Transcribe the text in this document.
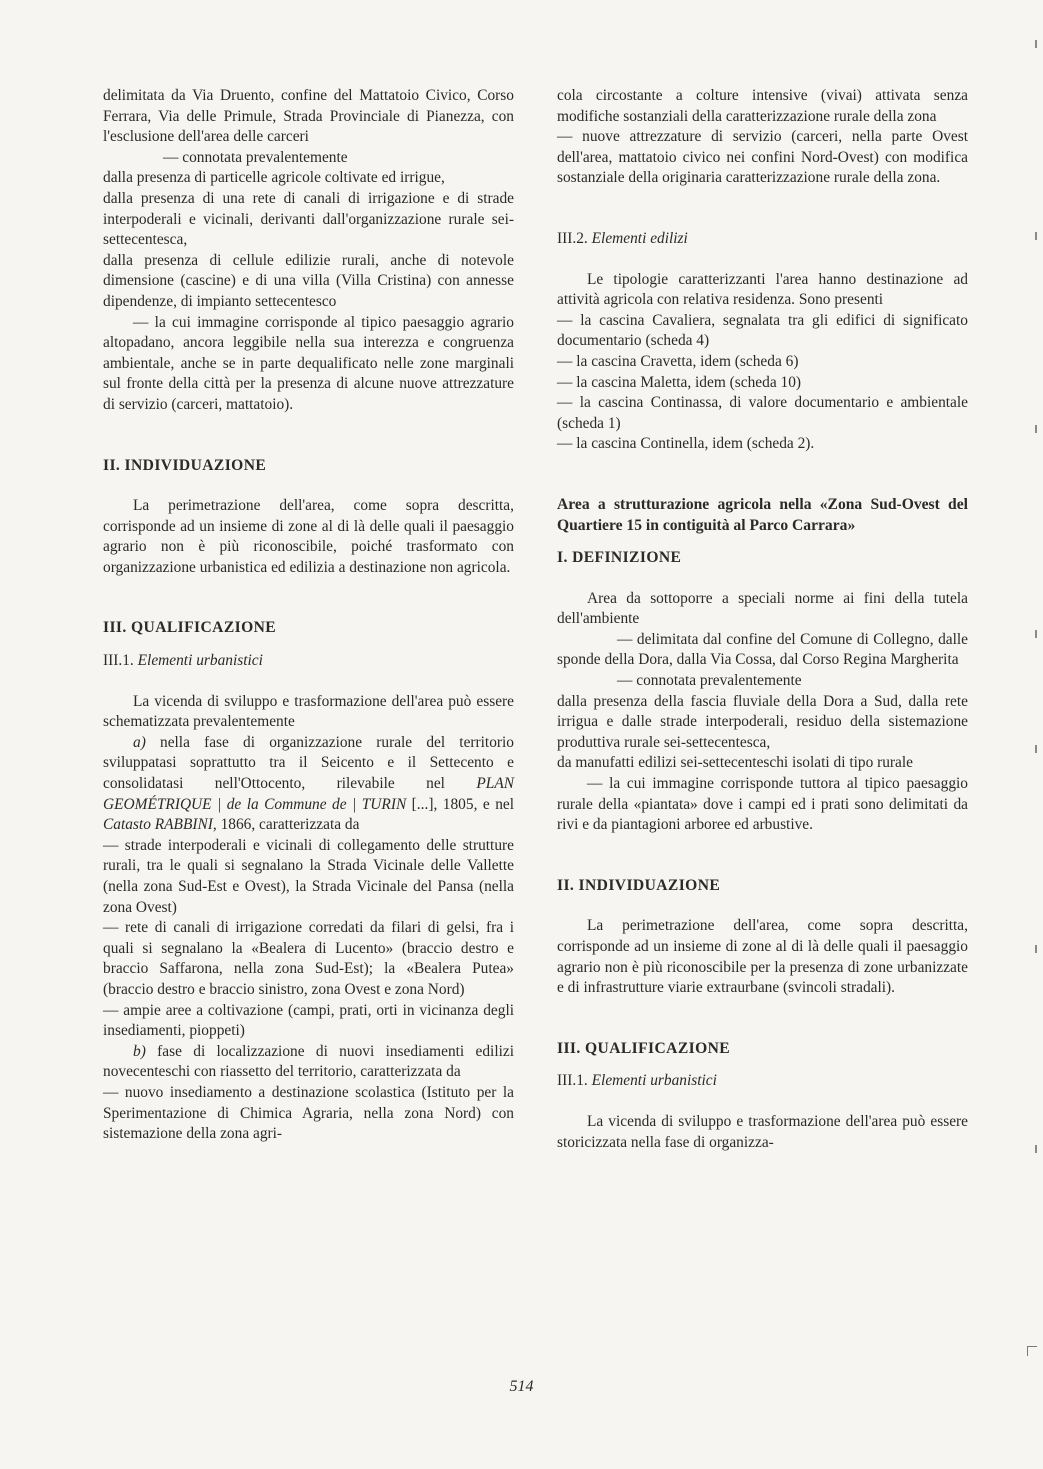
delimitata da Via Druento, confine del Mattatoio Civico, Corso Ferrara, Via delle Primule, Strada Provinciale di Pianezza, con l'esclusione dell'area delle carceri

— connotata prevalentemente

dalla presenza di particelle agricole coltivate ed irrigue,

dalla presenza di una rete di canali di irrigazione e di strade interpoderali e vicinali, derivanti dall'organizzazione rurale sei-settecentesca,

dalla presenza di cellule edilizie rurali, anche di notevole dimensione (cascine) e di una villa (Villa Cristina) con annesse dipendenze, di impianto settecentesco

— la cui immagine corrisponde al tipico paesaggio agrario altopadano, ancora leggibile nella sua interezza e congruenza ambientale, anche se in parte dequalificato nelle zone marginali sul fronte della città per la presenza di alcune nuove attrezzature di servizio (carceri, mattatoio).

II. INDIVIDUAZIONE

La perimetrazione dell'area, come sopra descritta, corrisponde ad un insieme di zone al di là delle quali il paesaggio agrario non è più riconoscibile, poiché trasformato con organizzazione urbanistica ed edilizia a destinazione non agricola.

III. QUALIFICAZIONE

III.1. Elementi urbanistici

La vicenda di sviluppo e trasformazione dell'area può essere schematizzata prevalentemente

a) nella fase di organizzazione rurale del territorio sviluppatasi soprattutto tra il Seicento e il Settecento e consolidatasi nell'Ottocento, rilevabile nel PLAN GEOMÉTRIQUE | de la Commune de | TURIN [...], 1805, e nel Catasto RABBINI, 1866, caratterizzata da

— strade interpoderali e vicinali di collegamento delle strutture rurali, tra le quali si segnalano la Strada Vicinale delle Vallette (nella zona Sud-Est e Ovest), la Strada Vicinale del Pansa (nella zona Ovest)

— rete di canali di irrigazione corredati da filari di gelsi, fra i quali si segnalano la «Bealera di Lucento» (braccio destro e braccio Saffarona, nella zona Sud-Est); la «Bealera Putea» (braccio destro e braccio sinistro, zona Ovest e zona Nord)

— ampie aree a coltivazione (campi, prati, orti in vicinanza degli insediamenti, pioppeti)

b) fase di localizzazione di nuovi insediamenti edilizi novecenteschi con riassetto del territorio, caratterizzata da

— nuovo insediamento a destinazione scolastica (Istituto per la Sperimentazione di Chimica Agraria, nella zona Nord) con sistemazione della zona agri-

cola circostante a colture intensive (vivai) attivata senza modifiche sostanziali della caratterizzazione rurale della zona

— nuove attrezzature di servizio (carceri, nella parte Ovest dell'area, mattatoio civico nei confini Nord-Ovest) con modifica sostanziale della originaria caratterizzazione rurale della zona.

III.2. Elementi edilizi

Le tipologie caratterizzanti l'area hanno destinazione ad attività agricola con relativa residenza. Sono presenti

— la cascina Cavaliera, segnalata tra gli edifici di significato documentario (scheda 4)

— la cascina Cravetta, idem (scheda 6)

— la cascina Maletta, idem (scheda 10)

— la cascina Continassa, di valore documentario e ambientale (scheda 1)

— la cascina Continella, idem (scheda 2).

Area a strutturazione agricola nella «Zona Sud-Ovest del Quartiere 15 in contiguità al Parco Carrara»

I. DEFINIZIONE

Area da sottoporre a speciali norme ai fini della tutela dell'ambiente

— delimitata dal confine del Comune di Collegno, dalle sponde della Dora, dalla Via Cossa, dal Corso Regina Margherita

— connotata prevalentemente

dalla presenza della fascia fluviale della Dora a Sud, dalla rete irrigua e dalle strade interpoderali, residuo della sistemazione produttiva rurale sei-settecentesca,

da manufatti edilizi sei-settecenteschi isolati di tipo rurale

— la cui immagine corrisponde tuttora al tipico paesaggio rurale della «piantata» dove i campi ed i prati sono delimitati da rivi e da piantagioni arboree ed arbustive.

II. INDIVIDUAZIONE

La perimetrazione dell'area, come sopra descritta, corrisponde ad un insieme di zone al di là delle quali il paesaggio agrario non è più riconoscibile per la presenza di zone urbanizzate e di infrastrutture viarie extraurbane (svincoli stradali).

III. QUALIFICAZIONE

III.1. Elementi urbanistici

La vicenda di sviluppo e trasformazione dell'area può essere storicizzata nella fase di organizza-

514
